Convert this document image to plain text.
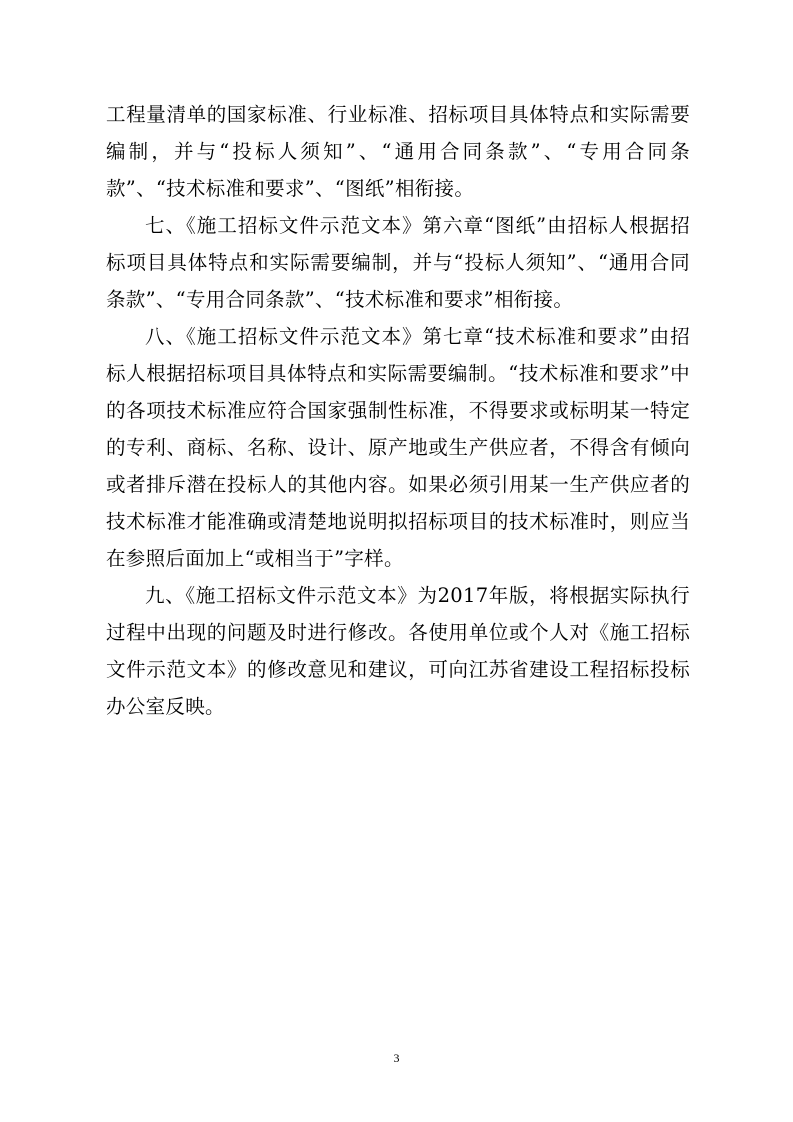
工程量清单的国家标准、行业标准、招标项目具体特点和实际需要编制，并与“投标人须知”、“通用合同条款”、“专用合同条款”、“技术标准和要求”、“图纸”相衔接。

七、《施工招标文件示范文本》第六章“图纸”由招标人根据招标项目具体特点和实际需要编制，并与“投标人须知”、“通用合同条款”、“专用合同条款”、“技术标准和要求”相衔接。

八、《施工招标文件示范文本》第七章“技术标准和要求”由招标人根据招标项目具体特点和实际需要编制。“技术标准和要求”中的各项技术标准应符合国家强制性标准，不得要求或标明某一特定的专利、商标、名称、设计、原产地或生产供应者，不得含有倾向或者排斥潜在投标人的其他内容。如果必须引用某一生产供应者的技术标准才能准确或清楚地说明拟招标项目的技术标准时，则应当在参照后面加上“或相当于”字样。

九、《施工招标文件示范文本》为2017年版，将根据实际执行过程中出现的问题及时进行修改。各使用单位或个人对《施工招标文件示范文本》的修改意见和建议，可向江苏省建设工程招标投标办公室反映。

3
